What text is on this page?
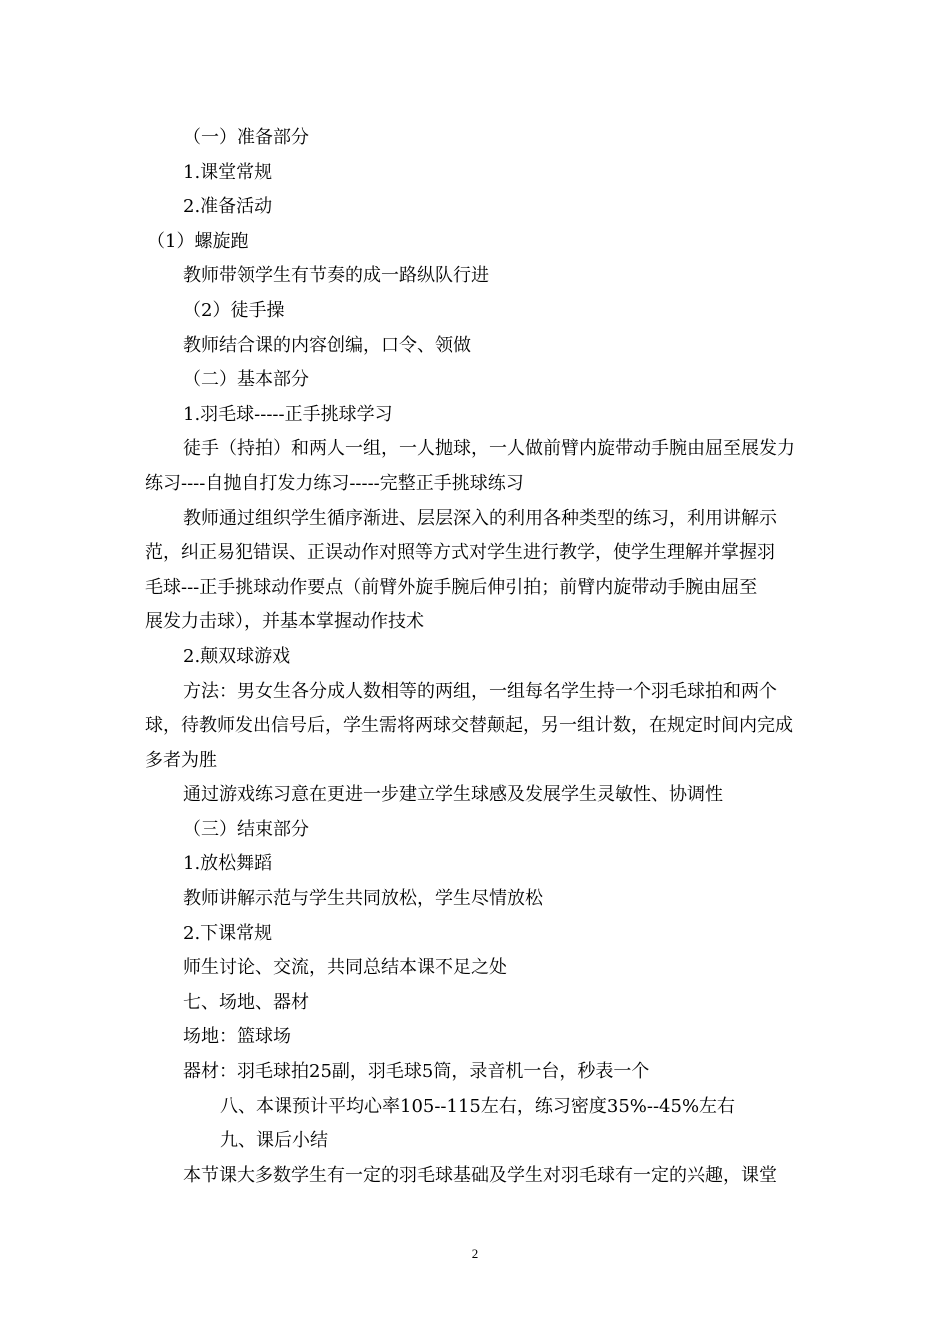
（一）准备部分
1.课堂常规
2.准备活动
（1）螺旋跑
教师带领学生有节奏的成一路纵队行进
（2）徒手操
教师结合课的内容创编，口令、领做
（二）基本部分
1.羽毛球-----正手挑球学习
徒手（持拍）和两人一组，一人抛球，一人做前臂内旋带动手腕由屈至展发力
练习----自抛自打发力练习-----完整正手挑球练习
教师通过组织学生循序渐进、层层深入的利用各种类型的练习，利用讲解示
范，纠正易犯错误、正误动作对照等方式对学生进行教学，使学生理解并掌握羽
毛球---正手挑球动作要点（前臂外旋手腕后伸引拍；前臂内旋带动手腕由屈至
展发力击球），并基本掌握动作技术
2.颠双球游戏
方法：男女生各分成人数相等的两组，一组每名学生持一个羽毛球拍和两个
球，待教师发出信号后，学生需将两球交替颠起，另一组计数，在规定时间内完成
多者为胜
通过游戏练习意在更进一步建立学生球感及发展学生灵敏性、协调性
（三）结束部分
1.放松舞蹈
教师讲解示范与学生共同放松，学生尽情放松
2.下课常规
师生讨论、交流，共同总结本课不足之处
七、场地、器材
场地：篮球场
器材：羽毛球拍25副，羽毛球5筒，录音机一台，秒表一个
八、本课预计平均心率105--115左右，练习密度35%--45%左右
九、课后小结
本节课大多数学生有一定的羽毛球基础及学生对羽毛球有一定的兴趣，课堂
2
